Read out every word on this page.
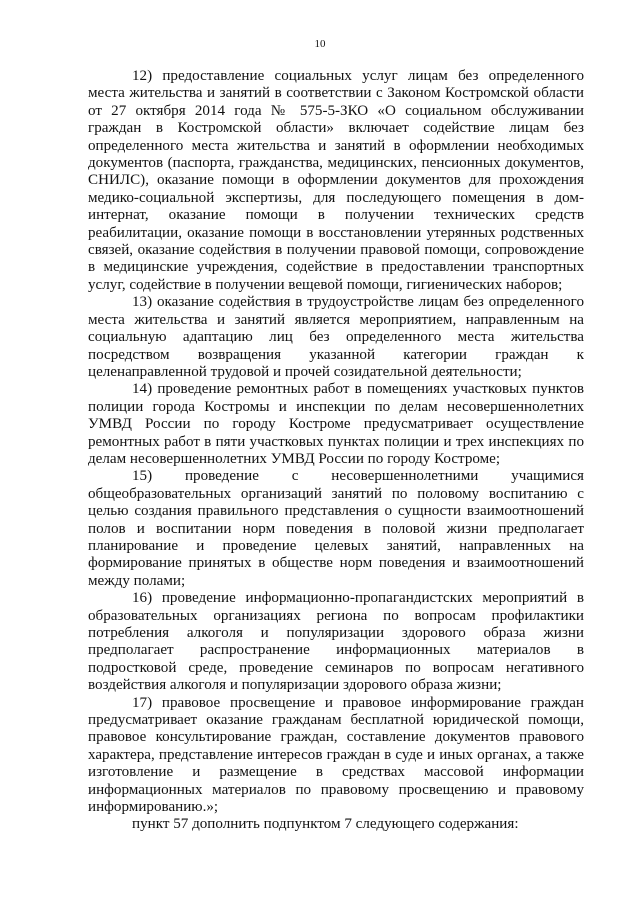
10

12) предоставление социальных услуг лицам без определенного места жительства и занятий в соответствии с Законом Костромской области от 27 октября 2014 года № 575-5-ЗКО «О социальном обслуживании граждан в Костромской области» включает содействие лицам без определенного места жительства и занятий в оформлении необходимых документов (паспорта, гражданства, медицинских, пенсионных документов, СНИЛС), оказание помощи в оформлении документов для прохождения медико-социальной экспертизы, для последующего помещения в дом-интернат, оказание помощи в получении технических средств реабилитации, оказание помощи в восстановлении утерянных родственных связей, оказание содействия в получении правовой помощи, сопровождение в медицинские учреждения, содействие в предоставлении транспортных услуг, содействие в получении вещевой помощи, гигиенических наборов;

13) оказание содействия в трудоустройстве лицам без определенного места жительства и занятий является мероприятием, направленным на социальную адаптацию лиц без определенного места жительства посредством возвращения указанной категории граждан к целенаправленной трудовой и прочей созидательной деятельности;

14) проведение ремонтных работ в помещениях участковых пунктов полиции города Костромы и инспекции по делам несовершеннолетних УМВД России по городу Костроме предусматривает осуществление ремонтных работ в пяти участковых пунктах полиции и трех инспекциях по делам несовершеннолетних УМВД России по городу Костроме;

15) проведение с несовершеннолетними учащимися общеобразовательных организаций занятий по половому воспитанию с целью создания правильного представления о сущности взаимоотношений полов и воспитании норм поведения в половой жизни предполагает планирование и проведение целевых занятий, направленных на формирование принятых в обществе норм поведения и взаимоотношений между полами;

16) проведение информационно-пропагандистских мероприятий в образовательных организациях региона по вопросам профилактики потребления алкоголя и популяризации здорового образа жизни предполагает распространение информационных материалов в подростковой среде, проведение семинаров по вопросам негативного воздействия алкоголя и популяризации здорового образа жизни;

17) правовое просвещение и правовое информирование граждан предусматривает оказание гражданам бесплатной юридической помощи, правовое консультирование граждан, составление документов правового характера, представление интересов граждан в суде и иных органах, а также изготовление и размещение в средствах массовой информации информационных материалов по правовому просвещению и правовому информированию.»;

пункт 57 дополнить подпунктом 7 следующего содержания:
